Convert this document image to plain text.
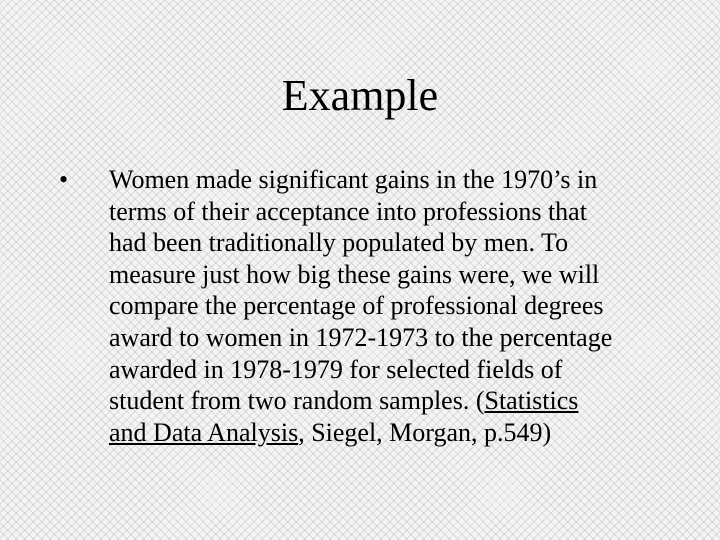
Example
• Women made significant gains in the 1970’s in
terms of their acceptance into professions that
had been traditionally populated by men. To
measure just how big these gains were, we will
compare the percentage of professional degrees
award to women in 1972-1973 to the percentage
awarded in 1978-1979 for selected fields of
student from two random samples. (Statistics
and Data Analysis, Siegel, Morgan, p.549)
